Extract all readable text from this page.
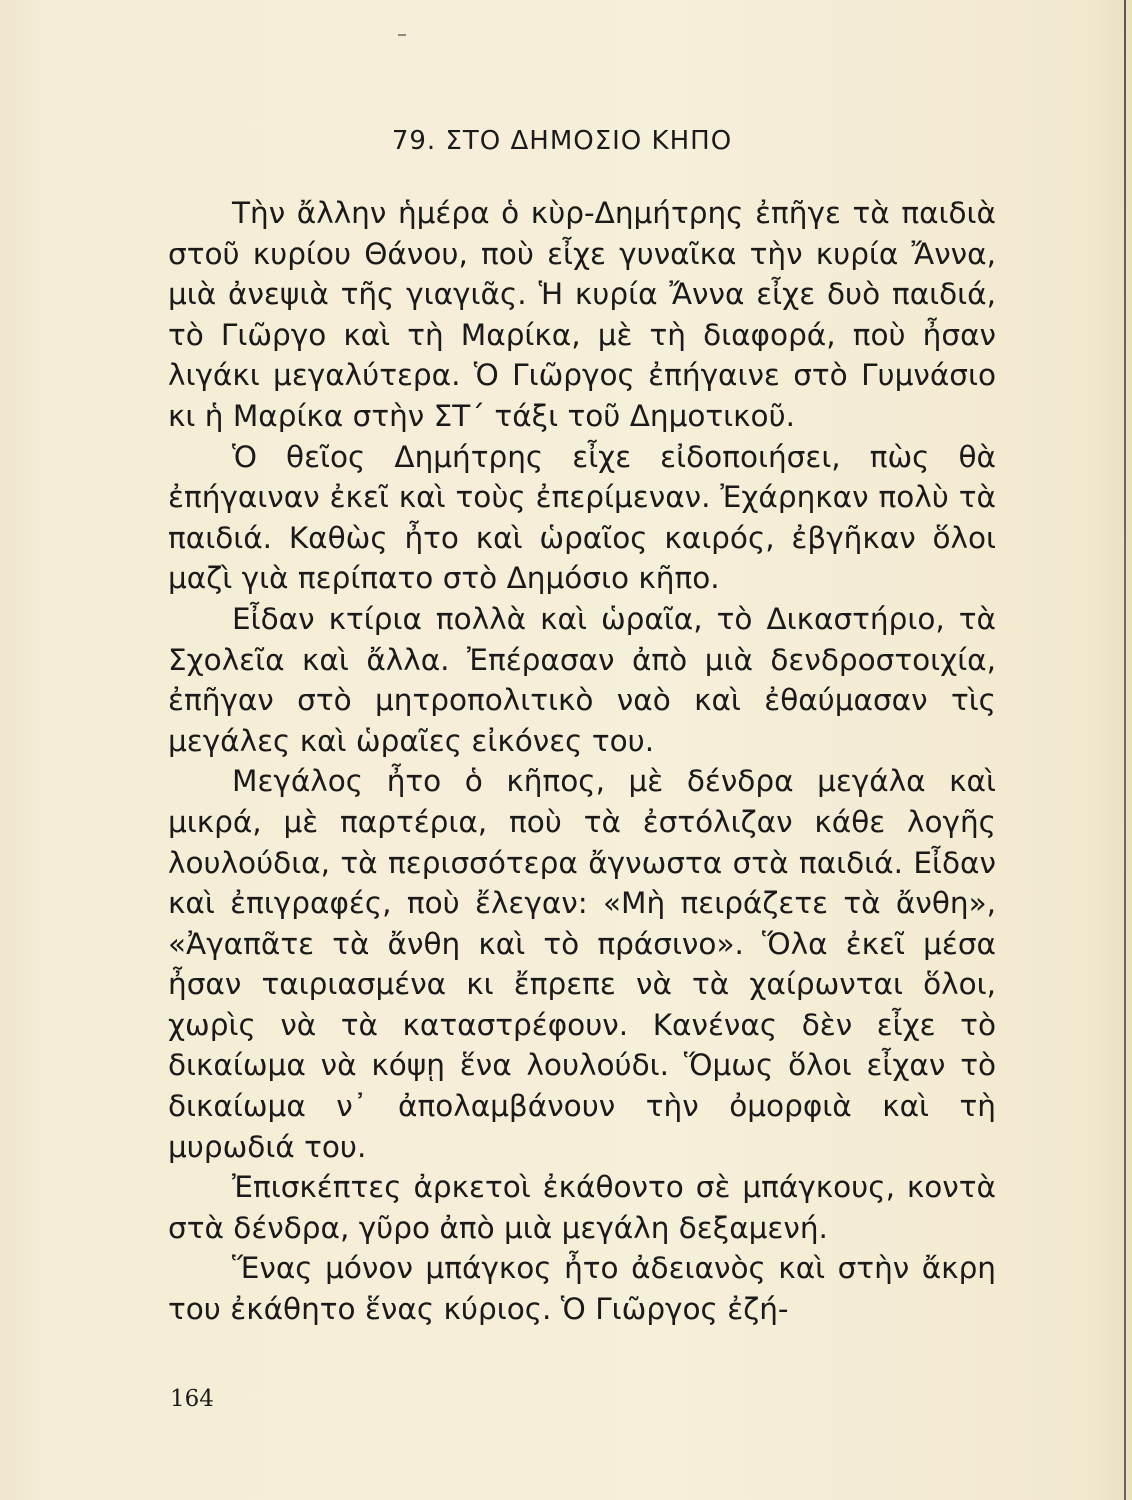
79. ΣΤΟ ΔΗΜΟΣΙΟ ΚΗΠΟ

Τὴν ἄλλην ἡμέρα ὁ κὺρ-Δημήτρης ἐπῆγε τὰ παιδιὰ στοῦ κυρίου Θάνου, ποὺ εἶχε γυναῖκα τὴν κυρία Ἄννα, μιὰ ἀνεψιὰ τῆς γιαγιᾶς. Ἡ κυρία Ἄννα εἶχε δυὸ παιδιά, τὸ Γιῶργο καὶ τὴ Μαρίκα, μὲ τὴ διαφορά, ποὺ ἦσαν λιγάκι μεγαλύτερα. Ὁ Γιῶργος ἐπήγαινε στὸ Γυμνάσιο κι ἡ Μαρίκα στὴν ΣΤ΄ τάξι τοῦ Δημοτικοῦ.

Ὁ θεῖος Δημήτρης εἶχε εἰδοποιήσει, πὼς θὰ ἐπήγαιναν ἐκεῖ καὶ τοὺς ἐπερίμεναν. Ἐχάρηκαν πολὺ τὰ παιδιά. Καθὼς ἦτο καὶ ὡραῖος καιρός, ἐβγῆκαν ὅλοι μαζὶ γιὰ περίπατο στὸ Δημόσιο κῆπο.

Εἶδαν κτίρια πολλὰ καὶ ὡραῖα, τὸ Δικαστήριο, τὰ Σχολεῖα καὶ ἄλλα. Ἐπέρασαν ἀπὸ μιὰ δενδροστοιχία, ἐπῆγαν στὸ μητροπολιτικὸ ναὸ καὶ ἐθαύμασαν τὶς μεγάλες καὶ ὡραῖες εἰκόνες του.

Μεγάλος ἦτο ὁ κῆπος, μὲ δένδρα μεγάλα καὶ μικρά, μὲ παρτέρια, ποὺ τὰ ἐστόλιζαν κάθε λογῆς λουλούδια, τὰ περισσότερα ἄγνωστα στὰ παιδιά. Εἶδαν καὶ ἐπιγραφές, ποὺ ἔλεγαν: «Μὴ πειράζετε τὰ ἄνθη», «Ἀγαπᾶτε τὰ ἄνθη καὶ τὸ πράσινο». Ὅλα ἐκεῖ μέσα ἦσαν ταιριασμένα κι ἔπρεπε νὰ τὰ χαίρωνται ὅλοι, χωρὶς νὰ τὰ καταστρέφουν. Κανένας δὲν εἶχε τὸ δικαίωμα νὰ κόψῃ ἕνα λουλούδι. Ὅμως ὅλοι εἶχαν τὸ δικαίωμα ν᾿ ἀπολαμβάνουν τὴν ὀμορφιὰ καὶ τὴ μυρωδιά του.

Ἐπισκέπτες ἀρκετοὶ ἐκάθοντο σὲ μπάγκους, κοντὰ στὰ δένδρα, γῦρο ἀπὸ μιὰ μεγάλη δεξαμενή.

Ἕνας μόνον μπάγκος ἦτο ἀδειανὸς καὶ στὴν ἄκρη του ἐκάθητο ἕνας κύριος. Ὁ Γιῶργος ἐζή-

164
